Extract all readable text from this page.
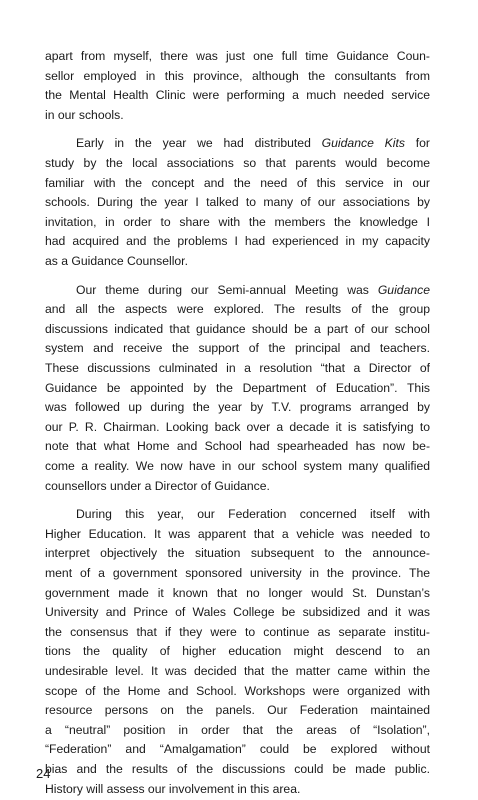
apart from myself, there was just one full time Guidance Coun-
sellor employed in this province, although the consultants from
the Mental Health Clinic were performing a much needed service
in our schools.
Early in the year we had distributed Guidance Kits for
study by the local associations so that parents would become
familiar with the concept and the need of this service in our
schools. During the year I talked to many of our associations by
invitation, in order to share with the members the knowledge I
had acquired and the problems I had experienced in my capacity
as a Guidance Counsellor.
Our theme during our Semi-annual Meeting was Guidance
and all the aspects were explored. The results of the group
discussions indicated that guidance should be a part of our school
system and receive the support of the principal and teachers.
These discussions culminated in a resolution “that a Director of
Guidance be appointed by the Department of Education”. This
was followed up during the year by T.V. programs arranged by
our P. R. Chairman. Looking back over a decade it is satisfying to
note that what Home and School had spearheaded has now be-
come a reality. We now have in our school system many qualified
counsellors under a Director of Guidance.
During this year, our Federation concerned itself with
Higher Education. It was apparent that a vehicle was needed to
interpret objectively the situation subsequent to the announce-
ment of a government sponsored university in the province. The
government made it known that no longer would St. Dunstan’s
University and Prince of Wales College be subsidized and it was
the consensus that if they were to continue as separate institu-
tions the quality of higher education might descend to an
undesirable level. It was decided that the matter came within the
scope of the Home and School. Workshops were organized with
resource persons on the panels. Our Federation maintained
a “neutral” position in order that the areas of “Isolation”,
“Federation” and “Amalgamation” could be explored without
bias and the results of the discussions could be made public.
History will assess our involvement in this area.
24
